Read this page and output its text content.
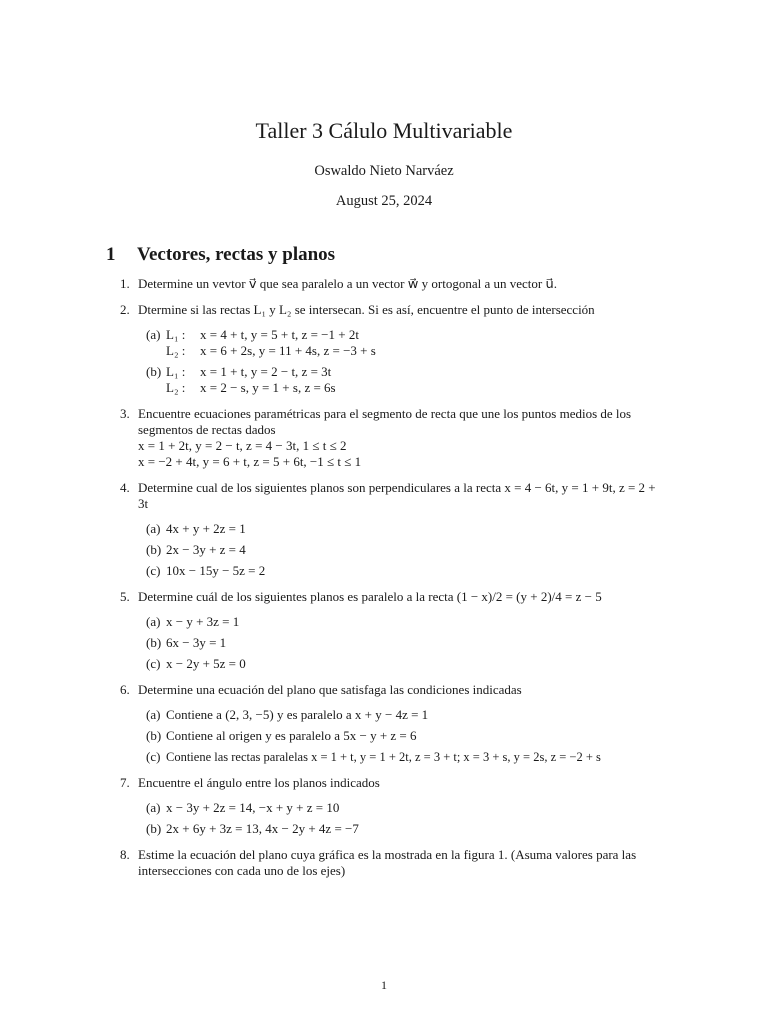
Taller 3 Cálulo Multivariable
Oswaldo Nieto Narváez
August 25, 2024
1 Vectores, rectas y planos
1. Determine un vevtor v⃗ que sea paralelo a un vector w⃗ y ortogonal a un vector u⃗.
2. Dtermine si las rectas L₁ y L₂ se intersecan. Si es así, encuentre el punto de intersección
(a) L₁ : x = 4 + t, y = 5 + t, z = −1 + 2t
L₂ : x = 6 + 2s, y = 11 + 4s, z = −3 + s
(b) L₁ : x = 1 + t, y = 2 − t, z = 3t
L₂ : x = 2 − s, y = 1 + s, z = 6s
3. Encuentre ecuaciones paramétricas para el segmento de recta que une los puntos medios de los segmentos de rectas dados
x = 1 + 2t, y = 2 − t, z = 4 − 3t, 1 ≤ t ≤ 2
x = −2 + 4t, y = 6 + t, z = 5 + 6t, −1 ≤ t ≤ 1
4. Determine cual de los siguientes planos son perpendiculares a la recta x = 4 − 6t, y = 1 + 9t, z = 2 + 3t
(a) 4x + y + 2z = 1
(b) 2x − 3y + z = 4
(c) 10x − 15y − 5z = 2
5. Determine cuál de los siguientes planos es paralelo a la recta (1 − x)/2 = (y + 2)/4 = z − 5
(a) x − y + 3z = 1
(b) 6x − 3y = 1
(c) x − 2y + 5z = 0
6. Determine una ecuación del plano que satisfaga las condiciones indicadas
(a) Contiene a (2, 3, −5) y es paralelo a x + y − 4z = 1
(b) Contiene al origen y es paralelo a 5x − y + z = 6
(c) Contiene las rectas paralelas x = 1 + t, y = 1 + 2t, z = 3 + t; x = 3 + s, y = 2s, z = −2 + s
7. Encuentre el ángulo entre los planos indicados
(a) x − 3y + 2z = 14, −x + y + z = 10
(b) 2x + 6y + 3z = 13, 4x − 2y + 4z = −7
8. Estime la ecuación del plano cuya gráfica es la mostrada en la figura 1. (Asuma valores para las intersecciones con cada uno de los ejes)
1
